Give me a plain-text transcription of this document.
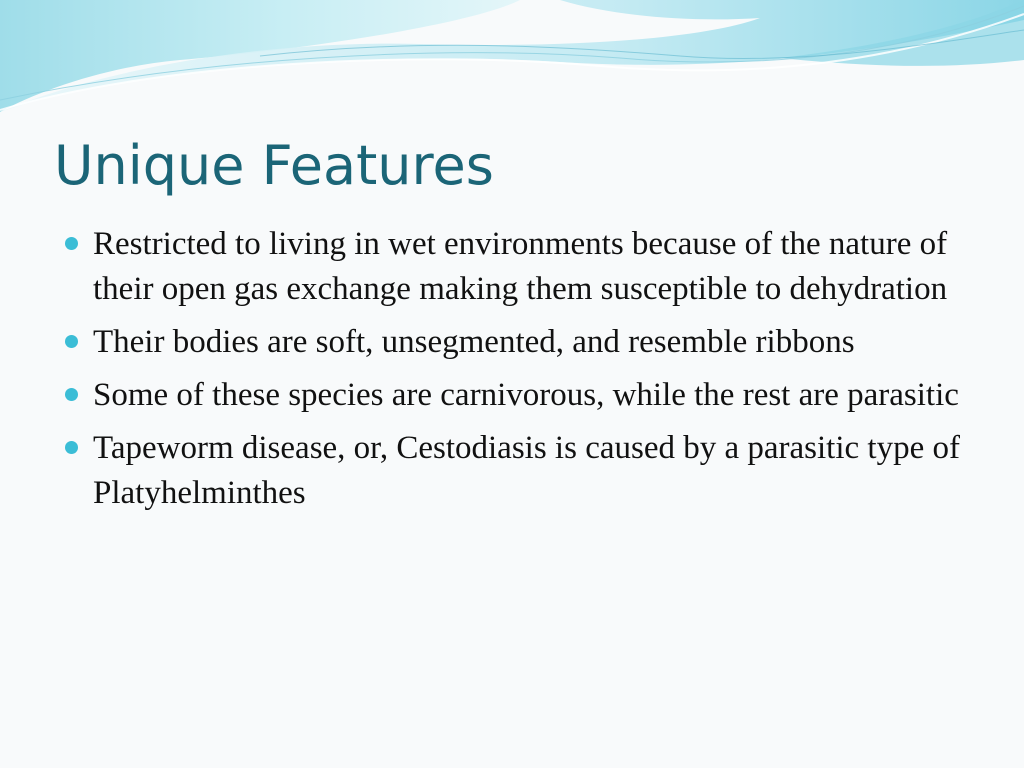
Unique Features
Restricted to living in wet environments because of the nature of their open gas exchange making them susceptible to dehydration
Their bodies are soft, unsegmented, and resemble ribbons
Some of these species are carnivorous, while the rest are parasitic
Tapeworm disease, or, Cestodiasis is caused by a parasitic type of Platyhelminthes
